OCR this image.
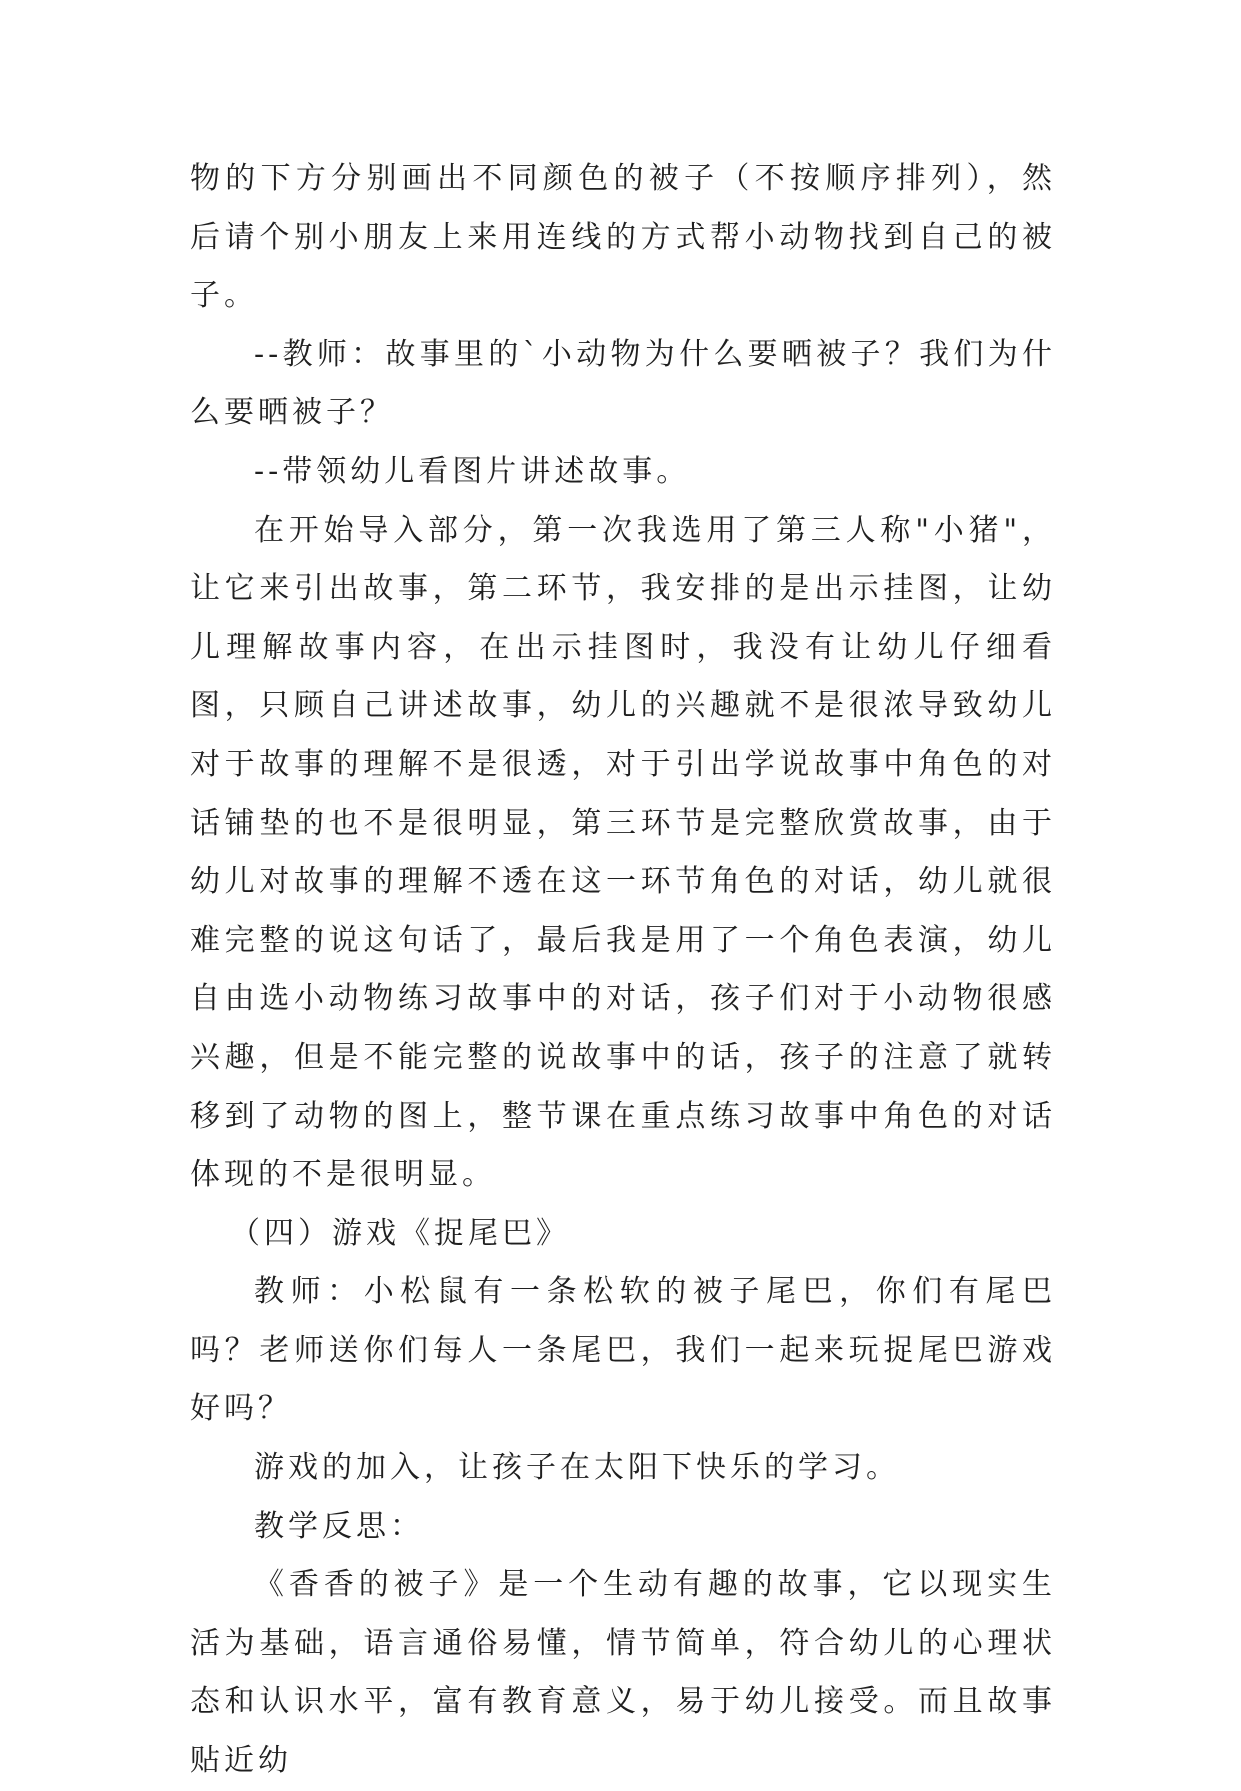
物的下方分别画出不同颜色的被子（不按顺序排列），然后请个别小朋友上来用连线的方式帮小动物找到自己的被子。

--教师：故事里的`小动物为什么要晒被子？我们为什么要晒被子？

--带领幼儿看图片讲述故事。

在开始导入部分，第一次我选用了第三人称"小猪"，让它来引出故事，第二环节，我安排的是出示挂图，让幼儿理解故事内容，在出示挂图时，我没有让幼儿仔细看图，只顾自己讲述故事，幼儿的兴趣就不是很浓导致幼儿对于故事的理解不是很透，对于引出学说故事中角色的对话铺垫的也不是很明显，第三环节是完整欣赏故事，由于幼儿对故事的理解不透在这一环节角色的对话，幼儿就很难完整的说这句话了，最后我是用了一个角色表演，幼儿自由选小动物练习故事中的对话，孩子们对于小动物很感兴趣，但是不能完整的说故事中的话，孩子的注意了就转移到了动物的图上，整节课在重点练习故事中角色的对话体现的不是很明显。

（四）游戏《捉尾巴》

教师：小松鼠有一条松软的被子尾巴，你们有尾巴吗？老师送你们每人一条尾巴，我们一起来玩捉尾巴游戏好吗？

游戏的加入，让孩子在太阳下快乐的学习。

教学反思：

《香香的被子》是一个生动有趣的故事，它以现实生活为基础，语言通俗易懂，情节简单，符合幼儿的心理状态和认识水平，富有教育意义，易于幼儿接受。而且故事贴近幼
